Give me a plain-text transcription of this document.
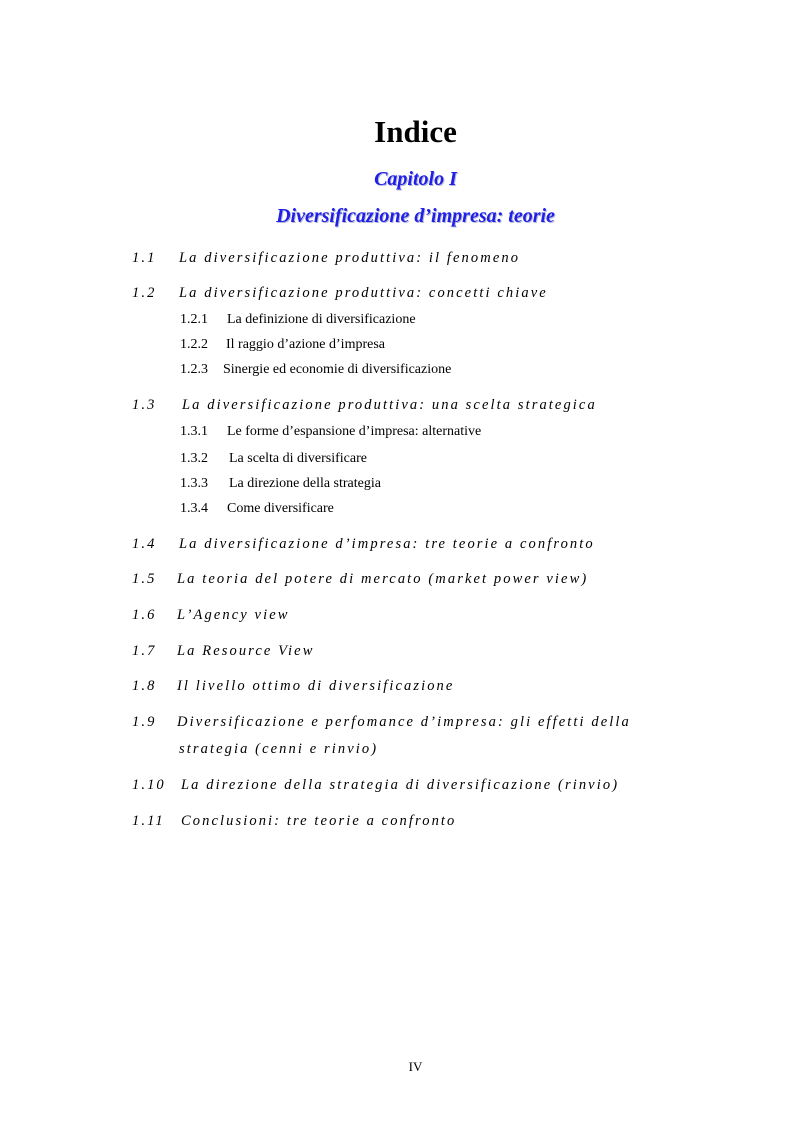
Indice
Capitolo I
Diversificazione d’impresa: teorie
1.1 La diversificazione produttiva: il fenomeno
1.2 La diversificazione produttiva: concetti chiave
1.2.1 La definizione di diversificazione
1.2.2 Il raggio d’azione d’impresa
1.2.3 Sinergie ed economie di diversificazione
1.3 La diversificazione produttiva: una scelta strategica
1.3.1 Le forme d’espansione d’impresa: alternative
1.3.2 La scelta di diversificare
1.3.3 La direzione della strategia
1.3.4 Come diversificare
1.4 La diversificazione d’impresa: tre teorie a confronto
1.5 La teoria del potere di mercato (market power view)
1.6 L’Agency view
1.7 La Resource View
1.8 Il livello ottimo di diversificazione
1.9 Diversificazione e perfomance d’impresa: gli effetti della
strategia (cenni e rinvio)
1.10 La direzione della strategia di diversificazione (rinvio)
1.11 Conclusioni: tre teorie a confronto
IV
